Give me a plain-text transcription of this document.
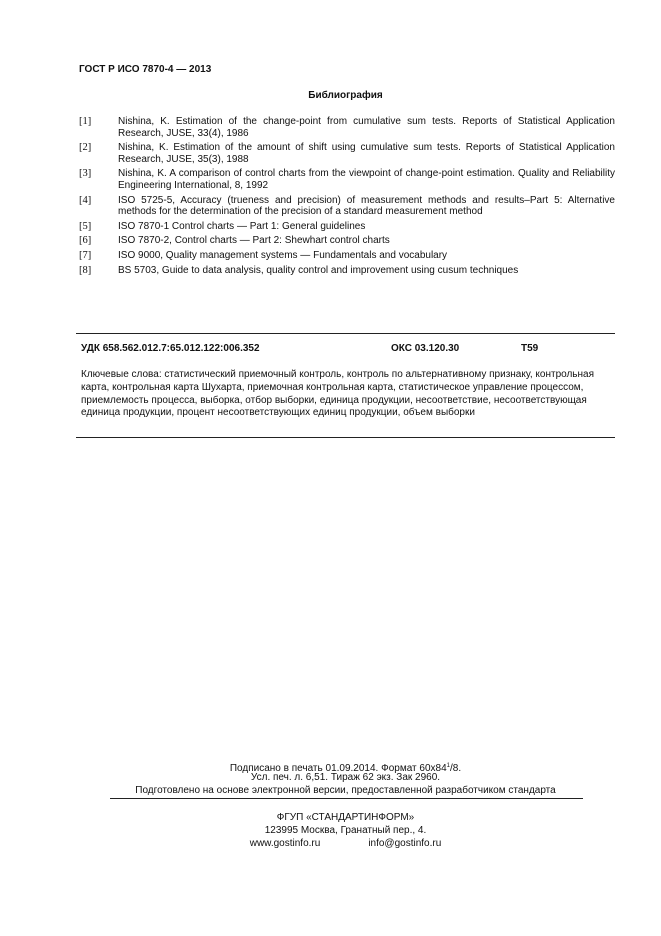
ГОСТ Р ИСО 7870-4 — 2013
Библиография
[1]	Nishina, K. Estimation of the change-point from cumulative sum tests. Reports of Statistical Application Research, JUSE, 33(4), 1986
[2]	Nishina, K. Estimation of the amount of shift using cumulative sum tests. Reports of Statistical Application Research, JUSE, 35(3), 1988
[3]	Nishina, K. A comparison of control charts from the viewpoint of change-point estimation. Quality and Reliability Engineering International, 8, 1992
[4]	ISO 5725-5, Accuracy (trueness and precision) of measurement methods and results–Part 5: Alternative methods for the determination of the precision of a standard measurement method
[5]	ISO 7870-1 Control charts — Part 1: General guidelines
[6]	ISO 7870-2, Control charts — Part 2: Shewhart control charts
[7]	ISO 9000, Quality management systems — Fundamentals and vocabulary
[8]	BS 5703, Guide to data analysis, quality control and improvement using cusum techniques
УДК 658.562.012.7:65.012.122:006.352	ОКС 03.120.30	Т59
Ключевые слова: статистический приемочный контроль, контроль по альтернативному признаку, контрольная карта, контрольная карта Шухарта, приемочная контрольная карта, статистическое управление процессом, приемлемость процесса, выборка, отбор выборки, единица продукции, несоответствие, несоответствующая единица продукции, процент несоответствующих единиц продукции, объем выборки
Подписано в печать 01.09.2014. Формат $60x84^1/8$.
Усл. печ. л. 6,51. Тираж 62 экз. Зак 2960.
Подготовлено на основе электронной версии, предоставленной разработчиком стандарта
ФГУП «СТАНДАРТИНФОРМ»
123995 Москва, Гранатный пер., 4.
www.gostinfo.ru	info@gostinfo.ru
